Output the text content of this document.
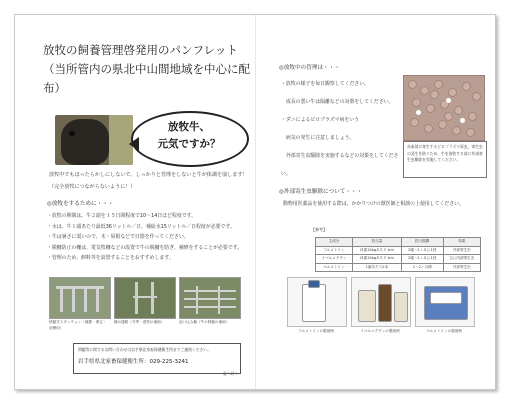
放牧の飼養管理啓発用のパンフレット（当所管内の県北中山間地域を中心に配布）
放牧牛、
元気ですか？
放牧中でもほったらかしにしないで、しっかりと管理をしないと牛が体調を崩します！（完全放牧につながらないように！）
◎放牧をするために・・・
・放牧の期間は、牛２頭を１５日間程度で10～14日ほど程度です。
・水は、牛１頭あたり最低36リットル／日、補給水15リットル／日程度が必要です。
・牛は暑さに弱いので、木・屋根などで日陰を作ってください。
・脱柵防止の柵は、電気牧柵などの設置で牛の脱柵を防ぎ、補修をすることが必要です。
・管理のため、飼料等を設置することをおすすめします。
移動式スタンチョン（捕獲・保定・治療用）
柵の通路（冬季・遊牧の補助）	追い込み柵（牛の移動の補助）
問題等に関するお問い合わせは岩手県北家畜保健衛生所までご連絡ください。
岩手県県北家畜保健衛生所：029-225-3241
裏へ続く
◎放牧中の管理は・・・
・放牧の様子を毎日観察してください。
　成長の悪い牛は隔離などの対策をしてください。
・ダニによるピロプラズマ病をいう
　病気の発生に注意しましょう。
　外部寄生虫駆除を実施するなどの対策をしてください。
赤血球に寄生するピロプラズマ原虫。寄生虫の発生を防ぐため、牛を放牧する前に外部寄生虫駆除を実施してください。
◎外部寄生虫駆除について・・・
動物用医薬品を使用する際は、かかりつけの獣医師と相談の上使用してください。
【参考】
主成分	投与量	投与期間	効果
フルメトリン	体重10kgあたり1ml	2週～1ヶ月に1回	外部寄生虫
イベルメクチン	体重10kgあたり1ml	2週～1ヶ月に1回	主に内部寄生虫
ペルメトリン	1頭あたり2本	1～2ヶ月間	外部寄生虫
フルメトリンの製剤例	イベルメクチンの製剤例	ペルメトリンの製剤例
